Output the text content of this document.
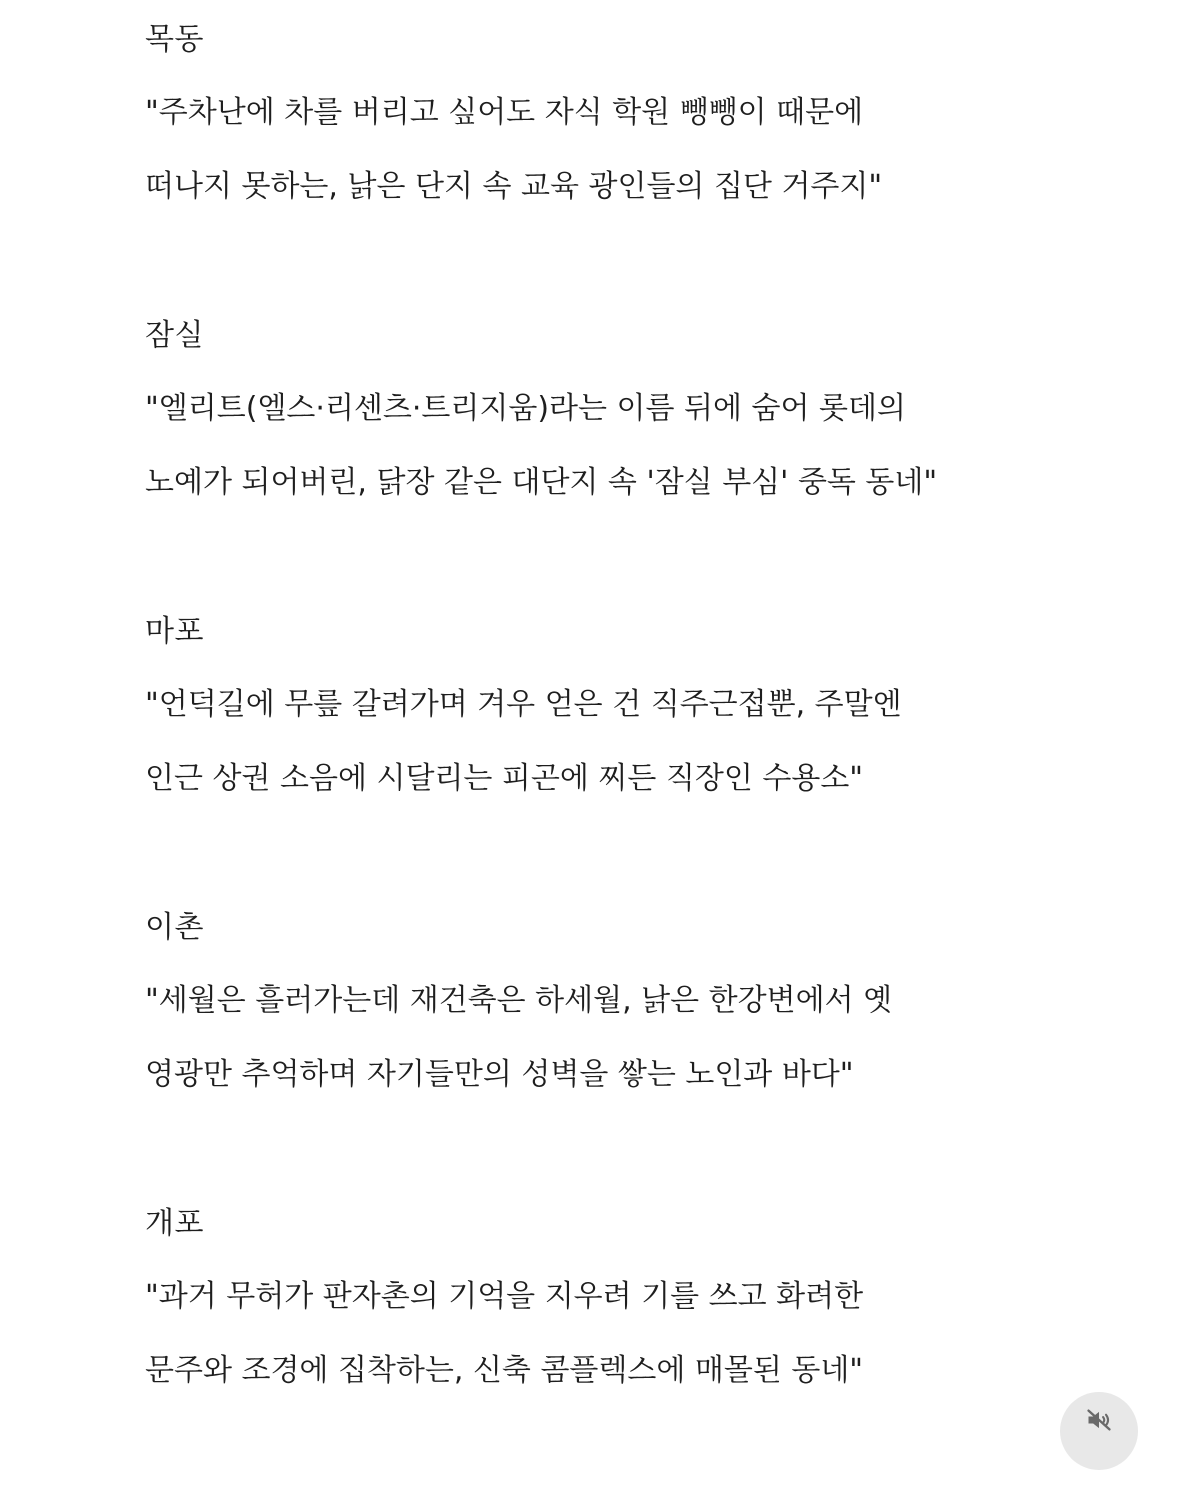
목동
"주차난에 차를 버리고 싶어도 자식 학원 뺑뺑이 때문에
떠나지 못하는, 낡은 단지 속 교육 광인들의 집단 거주지"
잠실
"엘리트(엘스·리센츠·트리지움)라는 이름 뒤에 숨어 롯데의
노예가 되어버린, 닭장 같은 대단지 속 '잠실 부심' 중독 동네"
마포
"언덕길에 무릎 갈려가며 겨우 얻은 건 직주근접뿐, 주말엔
인근 상권 소음에 시달리는 피곤에 찌든 직장인 수용소"
이촌
"세월은 흘러가는데 재건축은 하세월, 낡은 한강변에서 옛
영광만 추억하며 자기들만의 성벽을 쌓는 노인과 바다"
개포
"과거 무허가 판자촌의 기억을 지우려 기를 쓰고 화려한
문주와 조경에 집착하는, 신축 콤플렉스에 매몰된 동네"
